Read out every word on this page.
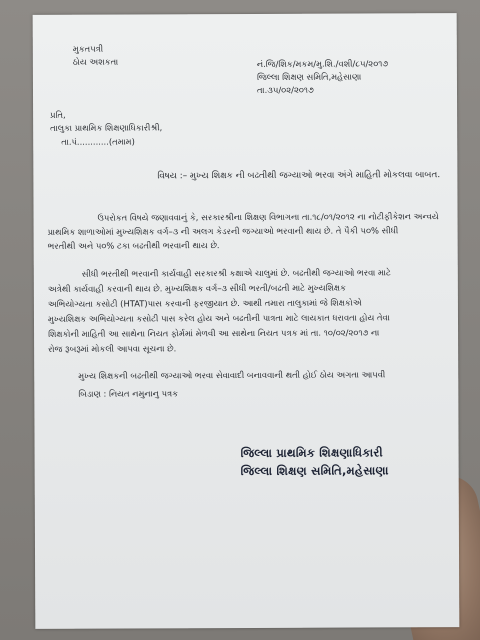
મુકતપત્રી

ઠોય અશકતા	નં.જિ/શિક/મકમ/મુ.શિ./વશી/૮૫/૨૦૧૭

જિલ્લા શિક્ષણ સમિતિ,મહેસાણા

તા.૩૫/૦૨/૨૦૧૭

પ્રતિ,

તાલુકા પ્રાથમિક શિક્ષણાધિકારીશ્રી,

તા.પં............(તમામ)

વિષય :– મુખ્ય શિક્ષક ની બઢતીથી જગ્યાઓ ભરવા અંગે માહિતી મોકલવા બાબત.

ઉપરોકત વિષયે જણાવવાનું કે, સરકારશ્રીના શિક્ષણ વિભાગના તા.૧૮/૦૧/૨૦૧૨ ના નોટીફીકેશન અન્વયે

પ્રાથમિક શાળાઓમાં મુખ્યશિક્ષક વર્ગ–૩ ની અલગ કેડરની જગ્યાઓ ભરવાની થાય છે. તે પૈકી ૫૦% સીધી

ભરતીથી અને ૫૦% ટકા બઢતીથી ભરવાની થાય છે.

સીધી ભરતીથી ભરવાની કાર્યવાહી સરકારશ્રી કક્ષાએ ચાલુમાં છે. બઢતીથી જગ્યાઓ ભરવા માટે

અત્રેથી કાર્યવાહી કરવાની થાય છે. મુખ્યશિક્ષક વર્ગ–૩ સીધી ભરતી/બઢતી માટે મુખ્યશિક્ષક

અભિયોગ્યતા કસોટી (HTAT)પાસ કરવાની ફરજીયાત છે. આથી તમારા તાલુકામાં જે શિક્ષકોએ

મુખ્યશિક્ષક અભિયોગ્યતા કસોટી પાસ કરેલ હોય અને બઢતીની પાત્રતા માટે લાયકાત ધરાવતા હોય તેવા

શિક્ષકોની માહિતી આ સાથેના નિયત ફોર્મમાં મેળવી આ સાથેના નિયત પત્રક માં તા. ૧૦/૦૨/૨૦૧૭ ના

રોજ રૂબરૂમાં મોકલી આપવા સૂચના છે.

મુખ્ય શિક્ષકની બઢતીથી જગ્યાઓ ભરવા સેવાવાદી બનાવવાની થતી હોઈ ઠોય અગતા આપવી

બિડાણ : નિયત નમુનાનુ પત્રક

જિલ્લા પ્રાથમિક શિક્ષણાધિકારી

જિલ્લા શિક્ષણ સમિતિ,મહેસાણા
